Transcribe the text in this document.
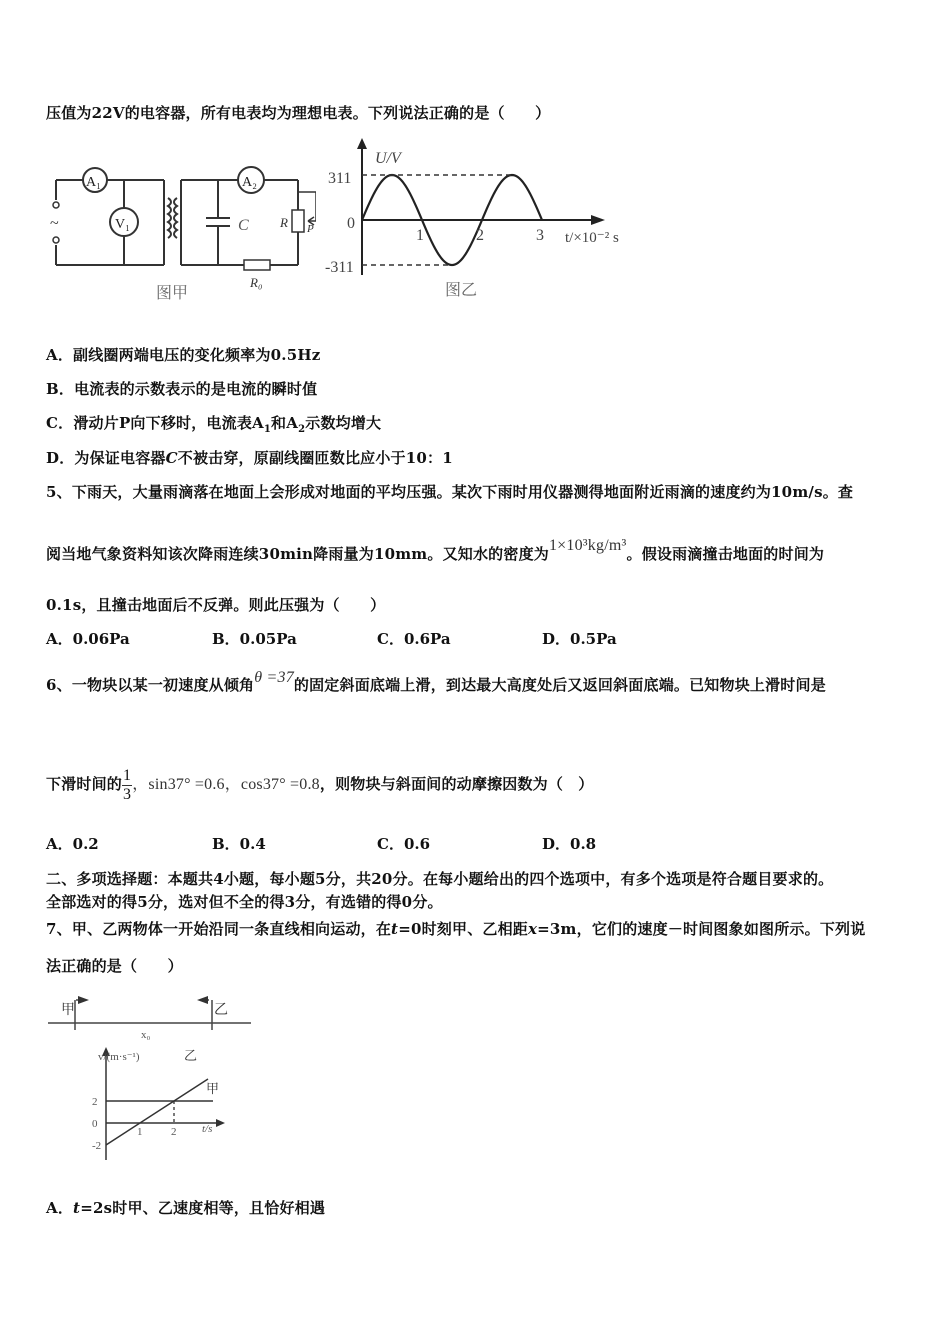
压值为22V的电容器，所有电表均为理想电表。下列说法正确的是（　　）
~
A₁
V₁
A₂
C R P
R₀
图甲
1	2	3
U/V
311
0
-311
t/×10⁻² s
图乙
A．副线圈两端电压的变化频率为0.5Hz
B．电流表的示数表示的是电流的瞬时值
C．滑动片P向下移时，电流表$A_1$和$A_2$示数均增大
D．为保证电容器C不被击穿，原副线圈匝数比应小于10：1
5、下雨天，大量雨滴落在地面上会形成对地面的平均压强。某次下雨时用仪器测得地面附近雨滴的速度约为10m/s。查
阅当地气象资料知该次降雨连续30min降雨量为10mm。又知水的密度为1×10³kg/m³。假设雨滴撞击地面的时间为
0.1s，且撞击地面后不反弹。则此压强为（　　）
A．0.06Pa	B．0.05Pa	C．0.6Pa	D．0.5Pa
6、一物块以某一初速度从倾角θ =37的固定斜面底端上滑，到达最大高度处后又返回斜面底端。已知物块上滑时间是
下滑时间的 $\frac{1}{3}$ ，sin37° =0.6，cos37° =0.8，则物块与斜面间的动摩擦因数为（　）
A．0.2	B．0.4	C．0.6	D．0.8
二、多项选择题：本题共4小题，每小题5分，共20分。在每小题给出的四个选项中，有多个选项是符合题目要求的。
全部选对的得5分，选对但不全的得3分，有选错的得0分。
7、甲、乙两物体一开始沿同一条直线相向运动，在t=0时刻甲、乙相距x=3m，它们的速度－时间图象如图所示。下列说
法正确的是（　　）
甲	乙
x₀
2
0
-2
1	2
v/(m·s⁻¹)
t/s
乙
甲
A．t=2s时甲、乙速度相等，且恰好相遇
